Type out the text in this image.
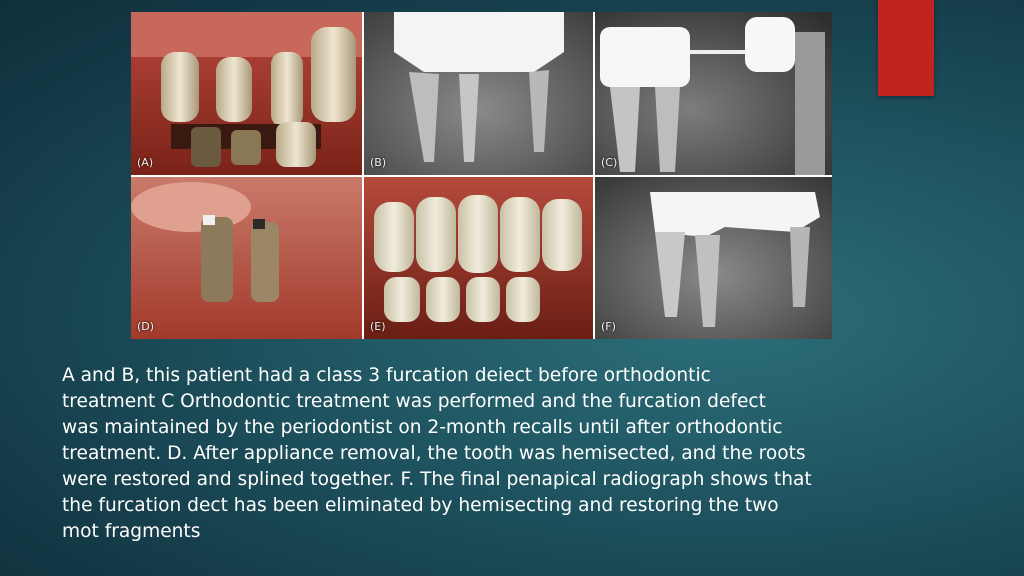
(A)	(B)	(C)
(D)	(E)	(F)
A and B, this patient had a class 3 furcation deiect before orthodontic
treatment C Orthodontic treatment was performed and the furcation defect
was maintained by the periodontist on 2-month recalls until after orthodontic
treatment. D. After appliance removal, the tooth was hemisected, and the roots
were restored and splined together. F. The final penapical radiograph shows that
the furcation dect has been eliminated by hemisecting and restoring the two
mot fragments
